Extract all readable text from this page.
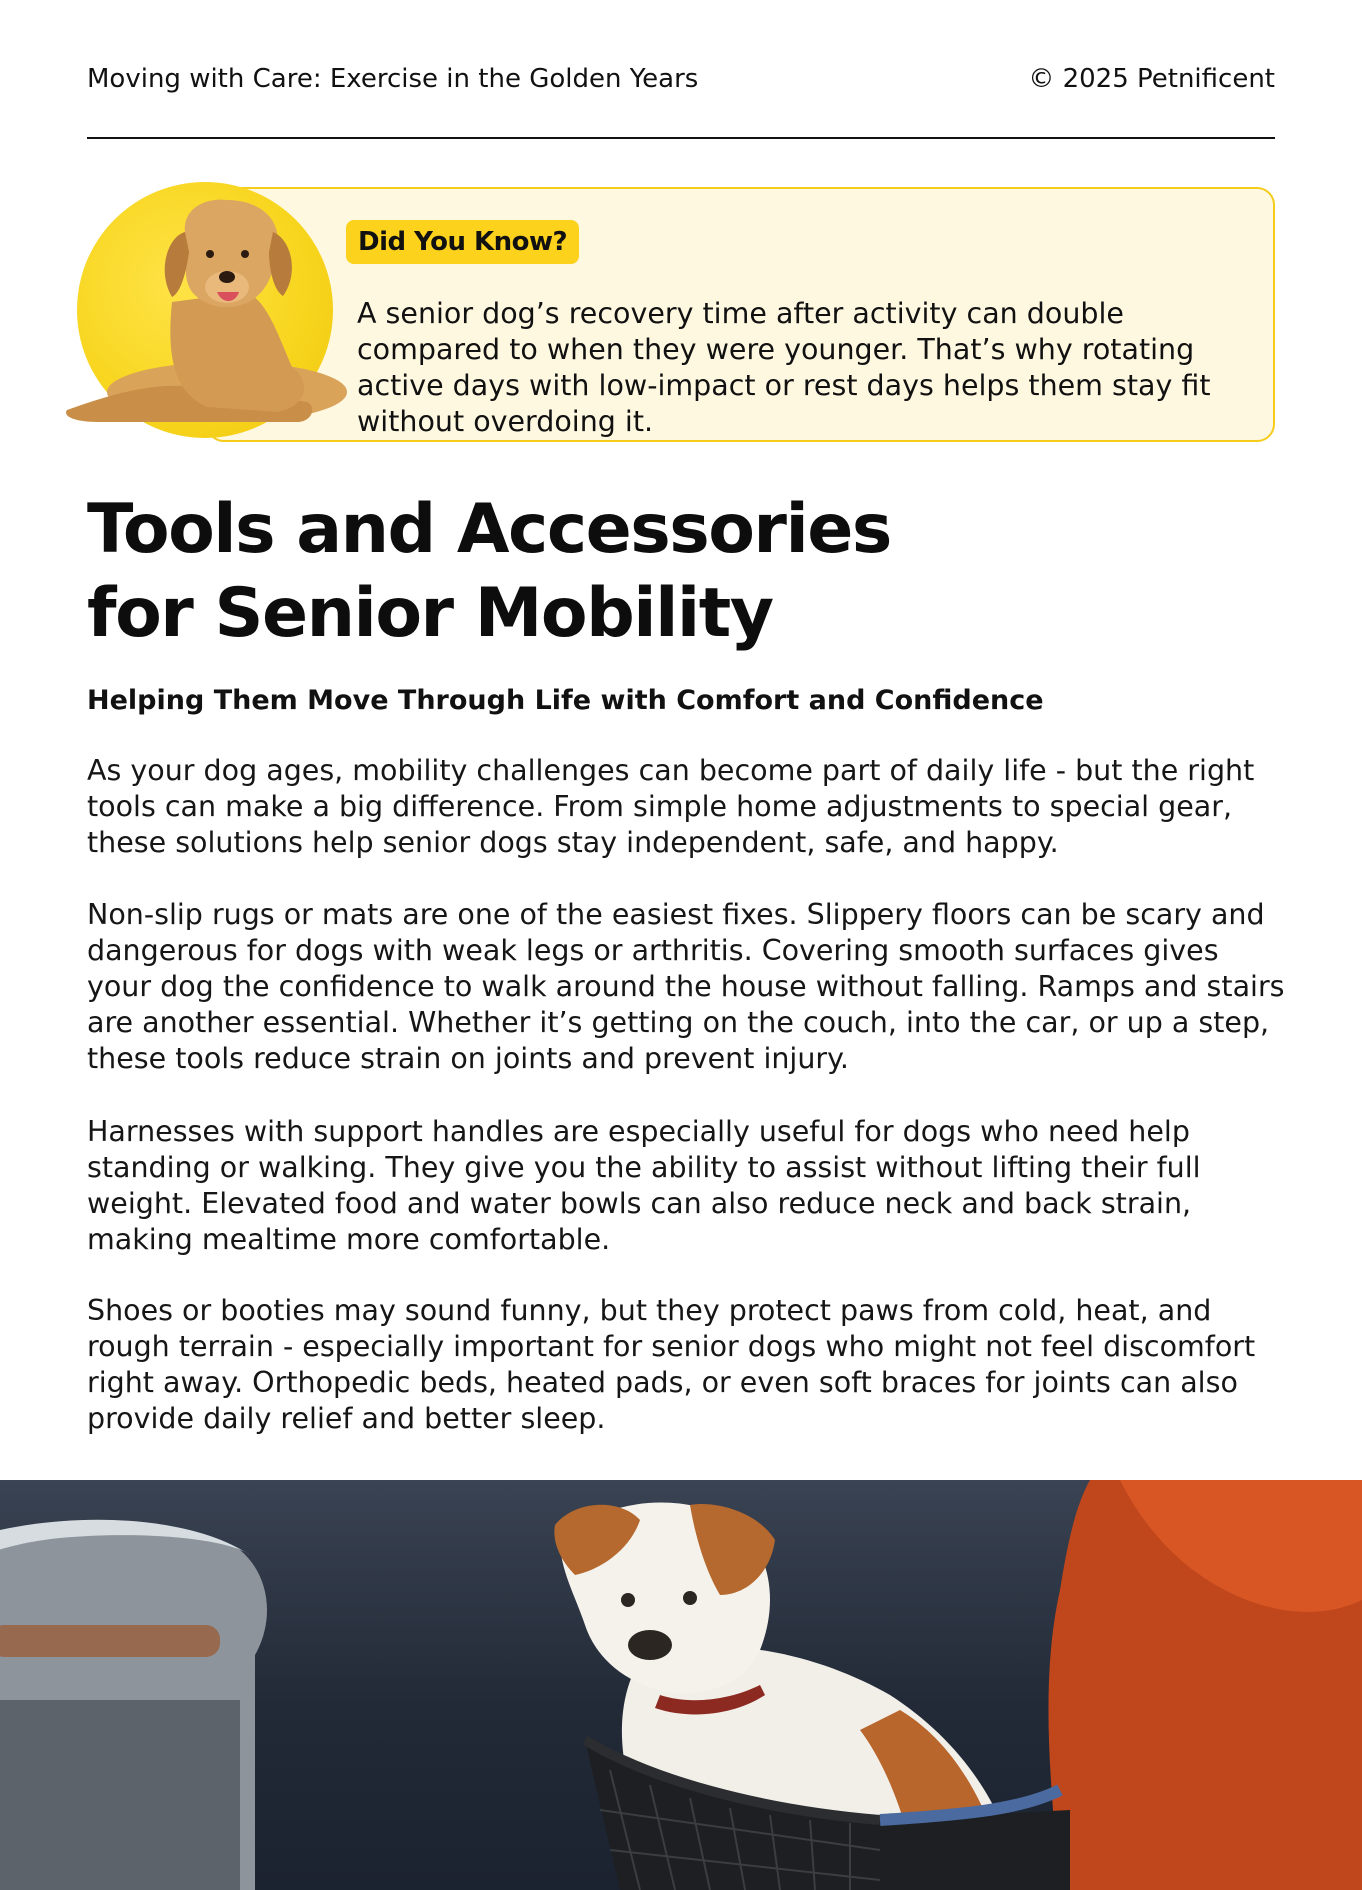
Moving with Care: Exercise in the Golden Years	© 2025 Petnificent
Did You Know?
A senior dog’s recovery time after activity can double compared to when they were younger. That’s why rotating active days with low-impact or rest days helps them stay fit without overdoing it.
Tools and Accessories
for Senior Mobility
Helping Them Move Through Life with Comfort and Confidence

As your dog ages, mobility challenges can become part of daily life - but the right tools can make a big difference. From simple home adjustments to special gear, these solutions help senior dogs stay independent, safe, and happy.

Non-slip rugs or mats are one of the easiest fixes. Slippery floors can be scary and dangerous for dogs with weak legs or arthritis. Covering smooth surfaces gives your dog the confidence to walk around the house without falling. Ramps and stairs are another essential. Whether it’s getting on the couch, into the car, or up a step, these tools reduce strain on joints and prevent injury.

Harnesses with support handles are especially useful for dogs who need help standing or walking. They give you the ability to assist without lifting their full weight. Elevated food and water bowls can also reduce neck and back strain, making mealtime more comfortable.

Shoes or booties may sound funny, but they protect paws from cold, heat, and rough terrain - especially important for senior dogs who might not feel discomfort right away. Orthopedic beds, heated pads, or even soft braces for joints can also provide daily relief and better sleep.
